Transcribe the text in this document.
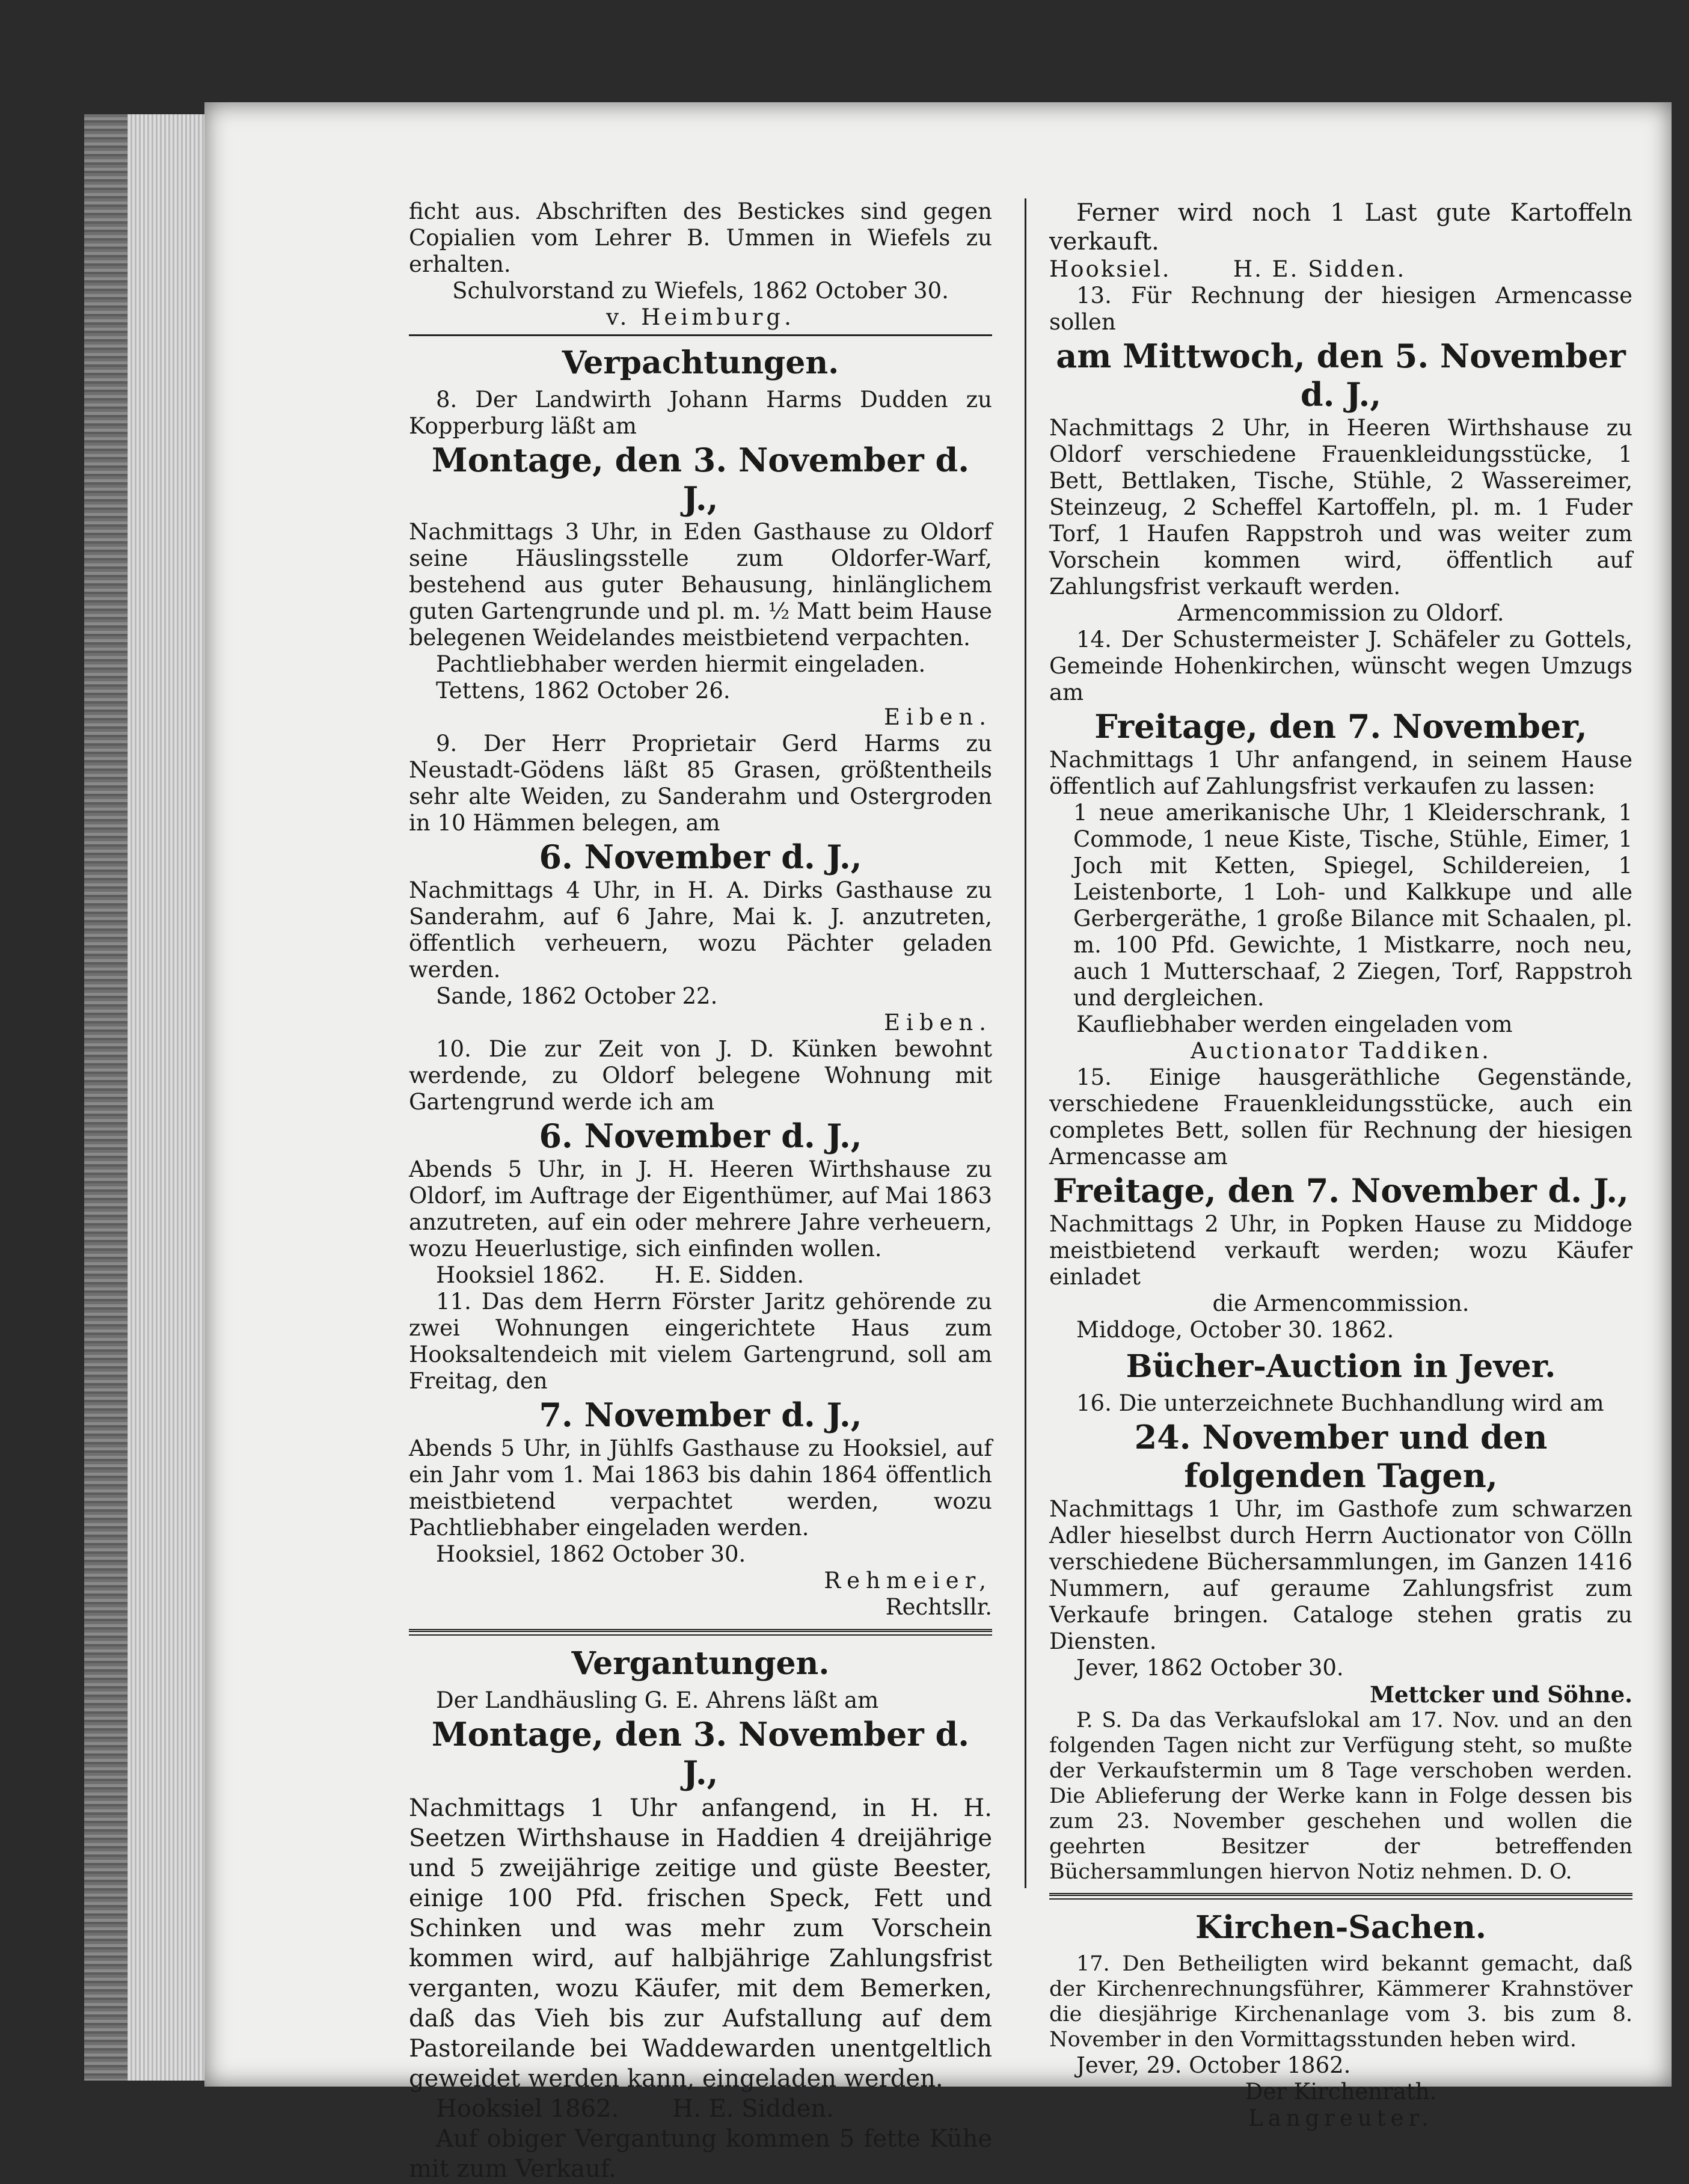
ficht aus. Abschriften des Bestickes sind gegen Copialien vom Lehrer B. Ummen in Wiefels zu erhalten.

Schulvorstand zu Wiefels, 1862 October 30.

v. Heimburg.

Verpachtungen.

8. Der Landwirth Johann Harms Dudden zu Kopperburg läßt am

Montage, den 3. November d. J.,

Nachmittags 3 Uhr, in Eden Gasthause zu Oldorf seine Häuslingsstelle zum Oldorfer-Warf, bestehend aus guter Behausung, hinlänglichem guten Gartengrunde und pl. m. ½ Matt beim Hause belegenen Weidelandes meistbietend verpachten.

Pachtliebhaber werden hiermit eingeladen.

Tettens, 1862 October 26.

Eiben.

9. Der Herr Proprietair Gerd Harms zu Neustadt-Gödens läßt 85 Grasen, größtentheils sehr alte Weiden, zu Sanderahm und Ostergroden in 10 Hämmen belegen, am

6. November d. J.,

Nachmittags 4 Uhr, in H. A. Dirks Gasthause zu Sanderahm, auf 6 Jahre, Mai k. J. anzutreten, öffentlich verheuern, wozu Pächter geladen werden.

Sande, 1862 October 22.

Eiben.

10. Die zur Zeit von J. D. Künken bewohnt werdende, zu Oldorf belegene Wohnung mit Gartengrund werde ich am

6. November d. J.,

Abends 5 Uhr, in J. H. Heeren Wirthshause zu Oldorf, im Auftrage der Eigenthümer, auf Mai 1863 anzutreten, auf ein oder mehrere Jahre verheuern, wozu Heuerlustige, sich einfinden wollen.

Hooksiel 1862.       H. E. Sidden.

11. Das dem Herrn Förster Jaritz gehörende zu zwei Wohnungen eingerichtete Haus zum Hooksaltendeich mit vielem Gartengrund, soll am Freitag, den

7. November d. J.,

Abends 5 Uhr, in Jühlfs Gasthause zu Hooksiel, auf ein Jahr vom 1. Mai 1863 bis dahin 1864 öffentlich meistbietend verpachtet werden, wozu Pachtliebhaber eingeladen werden.

Hooksiel, 1862 October 30.

Rehmeier,

Rechtsllr.

Vergantungen.

Der Landhäusling G. E. Ahrens läßt am

Montage, den 3. November d. J.,

Nachmittags 1 Uhr anfangend, in H. H. Seetzen Wirthshause in Haddien 4 dreijährige und 5 zweijährige zeitige und güste Beester, einige 100 Pfd. frischen Speck, Fett und Schinken und was mehr zum Vorschein kommen wird, auf halbjährige Zahlungsfrist verganten, wozu Käufer, mit dem Bemerken, daß das Vieh bis zur Aufstallung auf dem Pastoreilande bei Waddewarden unentgeltlich geweidet werden kann, eingeladen werden.

Hooksiel 1862.       H. E. Sidden.

Auf obiger Vergantung kommen 5 fette Kühe mit zum Verkauf.

Ferner wird noch 1 Last gute Kartoffeln verkauft.

Hooksiel.       H. E. Sidden.

13. Für Rechnung der hiesigen Armencasse sollen

am Mittwoch, den 5. November d. J.,

Nachmittags 2 Uhr, in Heeren Wirthshause zu Oldorf verschiedene Frauenkleidungsstücke, 1 Bett, Bettlaken, Tische, Stühle, 2 Wassereimer, Steinzeug, 2 Scheffel Kartoffeln, pl. m. 1 Fuder Torf, 1 Haufen Rappstroh und was weiter zum Vorschein kommen wird, öffentlich auf Zahlungsfrist verkauft werden.

Armencommission zu Oldorf.

14. Der Schustermeister J. Schäfeler zu Gottels, Gemeinde Hohenkirchen, wünscht wegen Umzugs am

Freitage, den 7. November,

Nachmittags 1 Uhr anfangend, in seinem Hause öffentlich auf Zahlungsfrist verkaufen zu lassen:

1 neue amerikanische Uhr, 1 Kleiderschrank, 1 Commode, 1 neue Kiste, Tische, Stühle, Eimer, 1 Joch mit Ketten, Spiegel, Schildereien, 1 Leistenborte, 1 Loh- und Kalkkupe und alle Gerbergeräthe, 1 große Bilance mit Schaalen, pl. m. 100 Pfd. Gewichte, 1 Mistkarre, noch neu, auch 1 Mutterschaaf, 2 Ziegen, Torf, Rappstroh und dergleichen.

Kaufliebhaber werden eingeladen vom

Auctionator Taddiken.

15. Einige hausgeräthliche Gegenstände, verschiedene Frauenkleidungsstücke, auch ein completes Bett, sollen für Rechnung der hiesigen Armencasse am

Freitage, den 7. November d. J.,

Nachmittags 2 Uhr, in Popken Hause zu Middoge meistbietend verkauft werden; wozu Käufer einladet

die Armencommission.

Middoge, October 30. 1862.

Bücher-Auction in Jever.

16. Die unterzeichnete Buchhandlung wird am

24. November und den folgenden Tagen,

Nachmittags 1 Uhr, im Gasthofe zum schwarzen Adler hieselbst durch Herrn Auctionator von Cölln verschiedene Büchersammlungen, im Ganzen 1416 Nummern, auf geraume Zahlungsfrist zum Verkaufe bringen. Cataloge stehen gratis zu Diensten.

Jever, 1862 October 30.

Mettcker und Söhne.

P. S. Da das Verkaufslokal am 17. Nov. und an den folgenden Tagen nicht zur Verfügung steht, so mußte der Verkaufstermin um 8 Tage verschoben werden. Die Ablieferung der Werke kann in Folge dessen bis zum 23. November geschehen und wollen die geehrten Besitzer der betreffenden Büchersammlungen hiervon Notiz nehmen. D. O.

Kirchen-Sachen.

17. Den Betheiligten wird bekannt gemacht, daß der Kirchenrechnungsführer, Kämmerer Krahnstöver die diesjährige Kirchenanlage vom 3. bis zum 8. November in den Vormittagsstunden heben wird.

Jever, 29. October 1862.

Der Kirchenrath.

Langreuter.
